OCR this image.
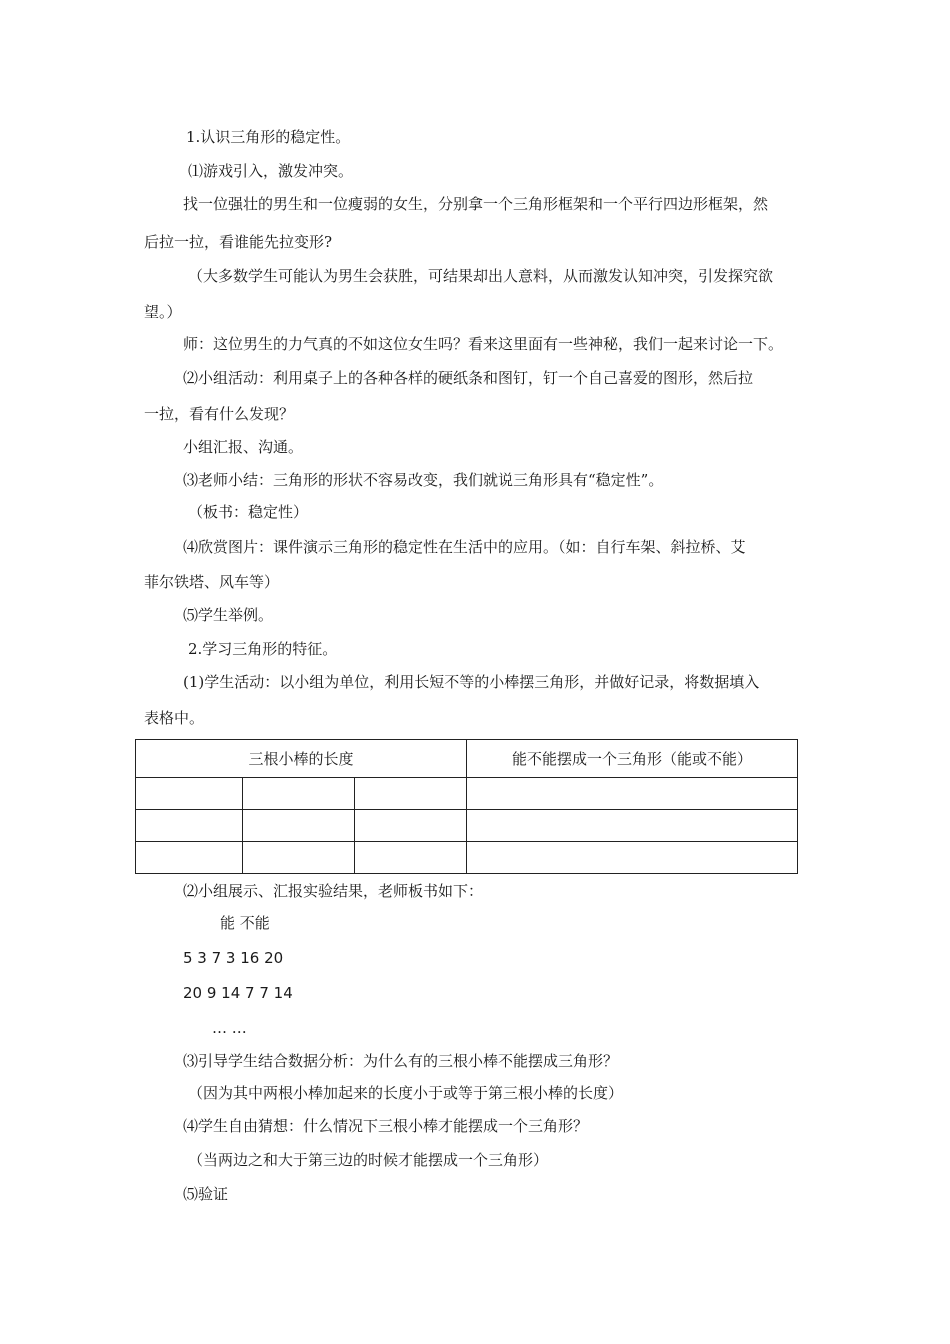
1.认识三角形的稳定性。
⑴游戏引入，激发冲突。
找一位强壮的男生和一位瘦弱的女生，分别拿一个三角形框架和一个平行四边形框架，然
后拉一拉，看谁能先拉变形?
（大多数学生可能认为男生会获胜，可结果却出人意料，从而激发认知冲突，引发探究欲
望。）
师：这位男生的力气真的不如这位女生吗？看来这里面有一些神秘，我们一起来讨论一下。
⑵小组活动：利用桌子上的各种各样的硬纸条和图钉，钉一个自己喜爱的图形，然后拉
一拉，看有什么发现？
小组汇报、沟通。
⑶老师小结：三角形的形状不容易改变，我们就说三角形具有“稳定性”。
（板书：稳定性）
⑷欣赏图片：课件演示三角形的稳定性在生活中的应用。（如：自行车架、斜拉桥、艾
菲尔铁塔、风车等）
⑸学生举例。
2.学习三角形的特征。
(1)学生活动：以小组为单位，利用长短不等的小棒摆三角形，并做好记录，将数据填入
表格中。
三根小棒的长度			能不能摆成一个三角形（能或不能）

⑵小组展示、汇报实验结果，老师板书如下：
能 不能
5 3 7 3 16 20
20 9 14 7 7 14
… …
⑶引导学生结合数据分析：为什么有的三根小棒不能摆成三角形？
（因为其中两根小棒加起来的长度小于或等于第三根小棒的长度）
⑷学生自由猜想：什么情况下三根小棒才能摆成一个三角形？
（当两边之和大于第三边的时候才能摆成一个三角形）
⑸验证
